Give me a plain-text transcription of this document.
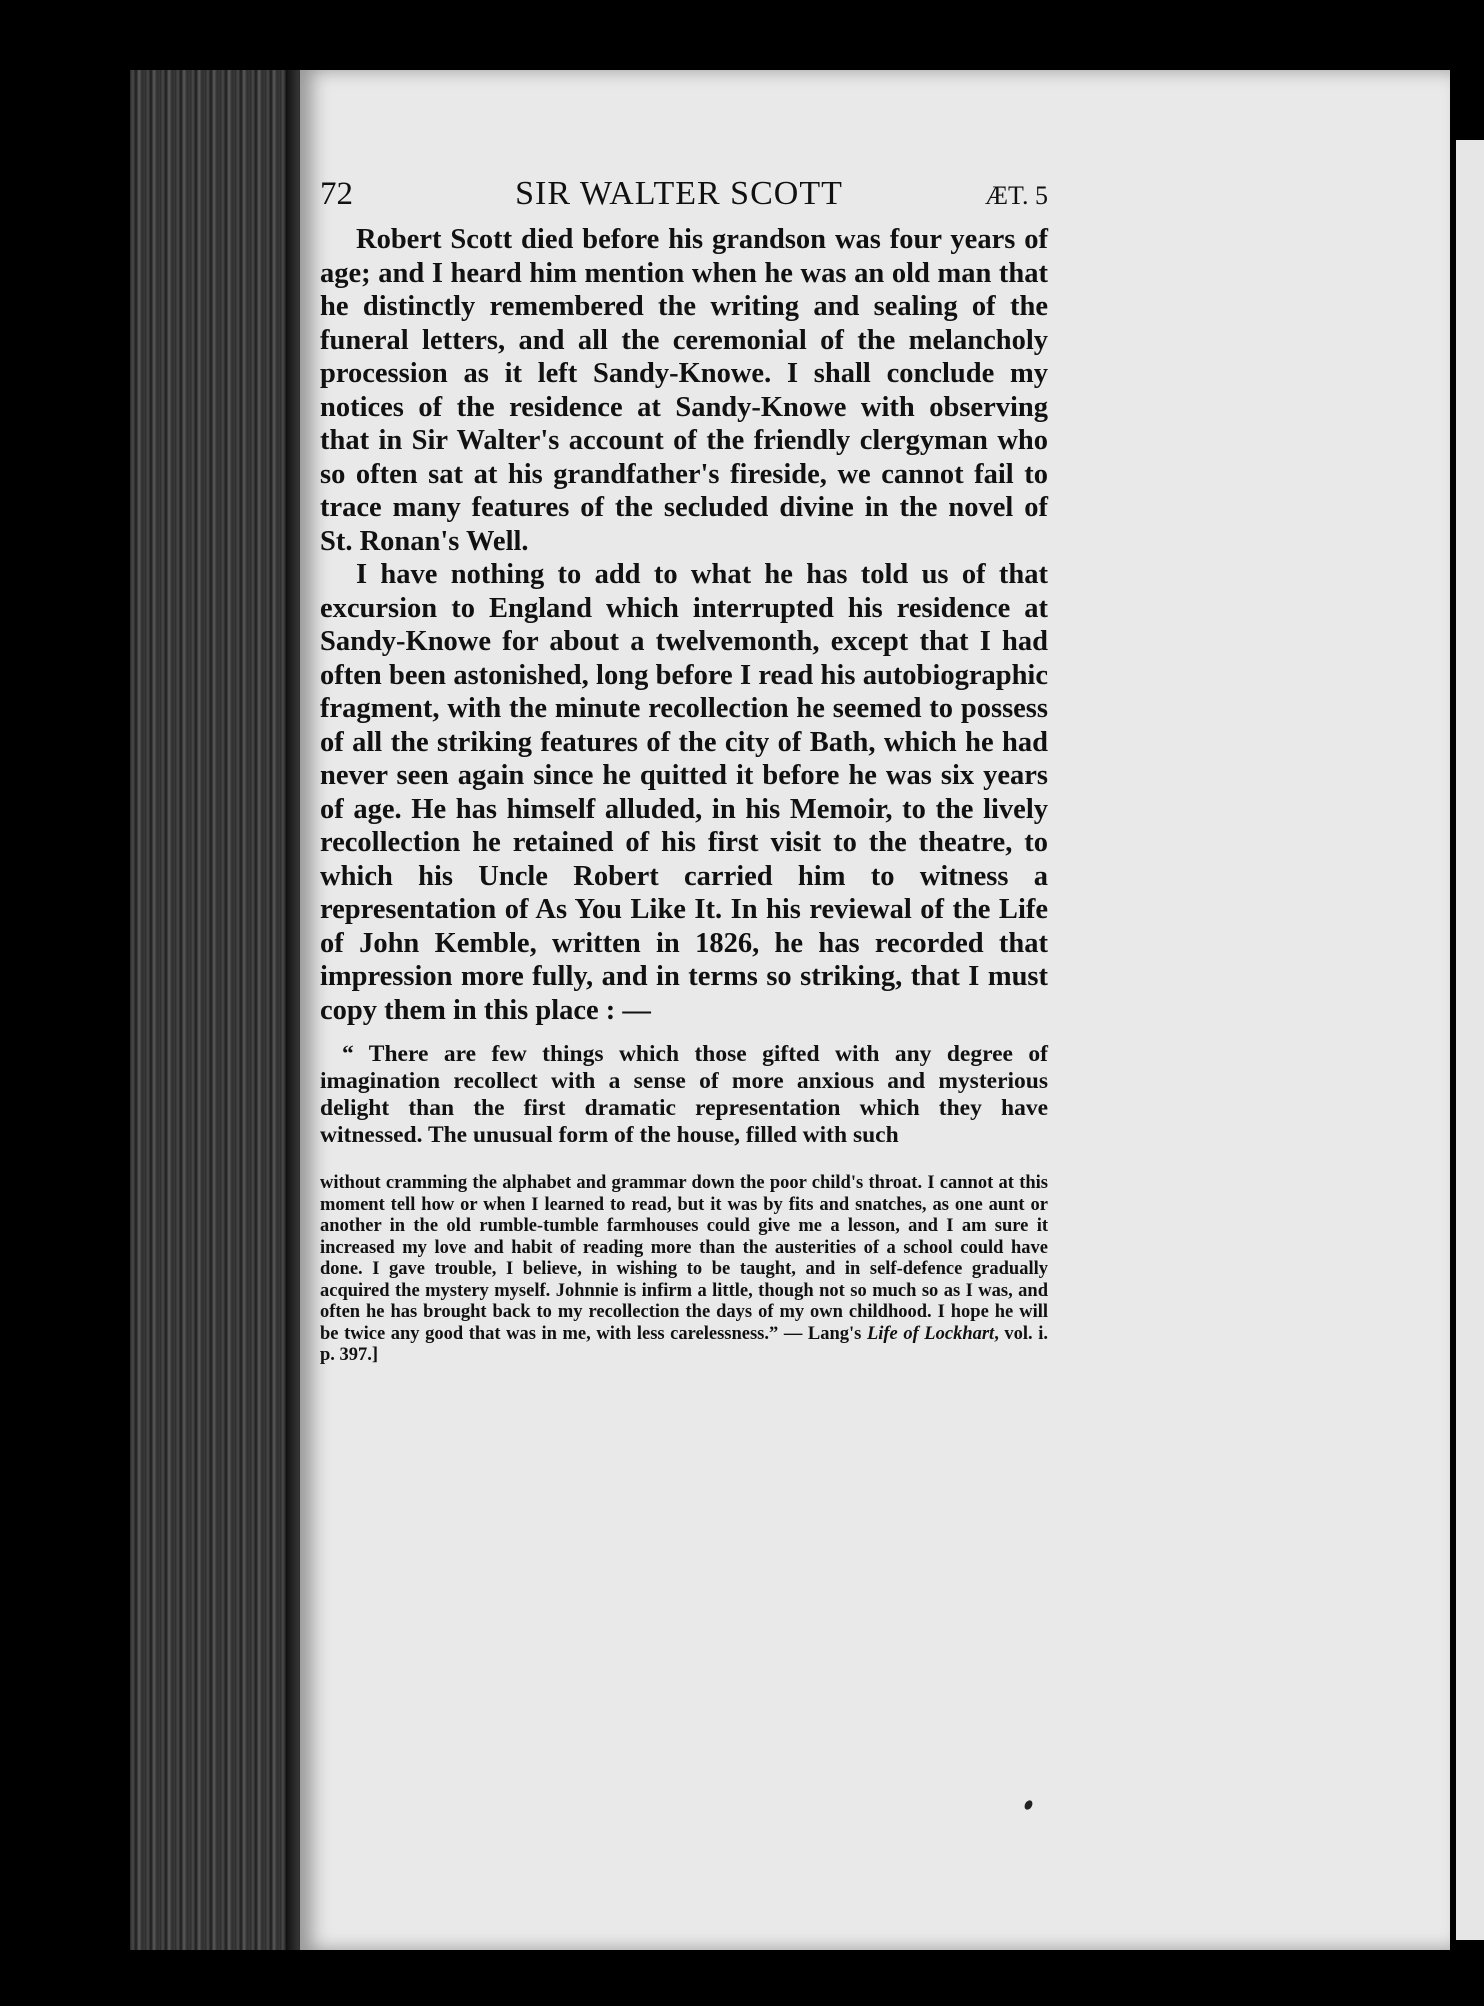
72	SIR WALTER SCOTT	ÆT. 5

Robert Scott died before his grandson was four years of age; and I heard him mention when he was an old man that he distinctly remembered the writing and sealing of the funeral letters, and all the ceremonial of the melancholy procession as it left Sandy-Knowe. I shall conclude my notices of the residence at Sandy-Knowe with observing that in Sir Walter's account of the friendly clergyman who so often sat at his grandfather's fireside, we cannot fail to trace many features of the secluded divine in the novel of St. Ronan's Well.

I have nothing to add to what he has told us of that excursion to England which interrupted his residence at Sandy-Knowe for about a twelvemonth, except that I had often been astonished, long before I read his autobiographic fragment, with the minute recollection he seemed to possess of all the striking features of the city of Bath, which he had never seen again since he quitted it before he was six years of age. He has himself alluded, in his Memoir, to the lively recollection he retained of his first visit to the theatre, to which his Uncle Robert carried him to witness a representation of As You Like It. In his reviewal of the Life of John Kemble, written in 1826, he has recorded that impression more fully, and in terms so striking, that I must copy them in this place : —

“ There are few things which those gifted with any degree of imagination recollect with a sense of more anxious and mysterious delight than the first dramatic representation which they have witnessed. The unusual form of the house, filled with such

without cramming the alphabet and grammar down the poor child's throat. I cannot at this moment tell how or when I learned to read, but it was by fits and snatches, as one aunt or another in the old rumble-tumble farmhouses could give me a lesson, and I am sure it increased my love and habit of reading more than the austerities of a school could have done. I gave trouble, I believe, in wishing to be taught, and in self-defence gradually acquired the mystery myself. Johnnie is infirm a little, though not so much so as I was, and often he has brought back to my recollection the days of my own childhood. I hope he will be twice any good that was in me, with less carelessness.” — Lang's Life of Lockhart, vol. i. p. 397.]
